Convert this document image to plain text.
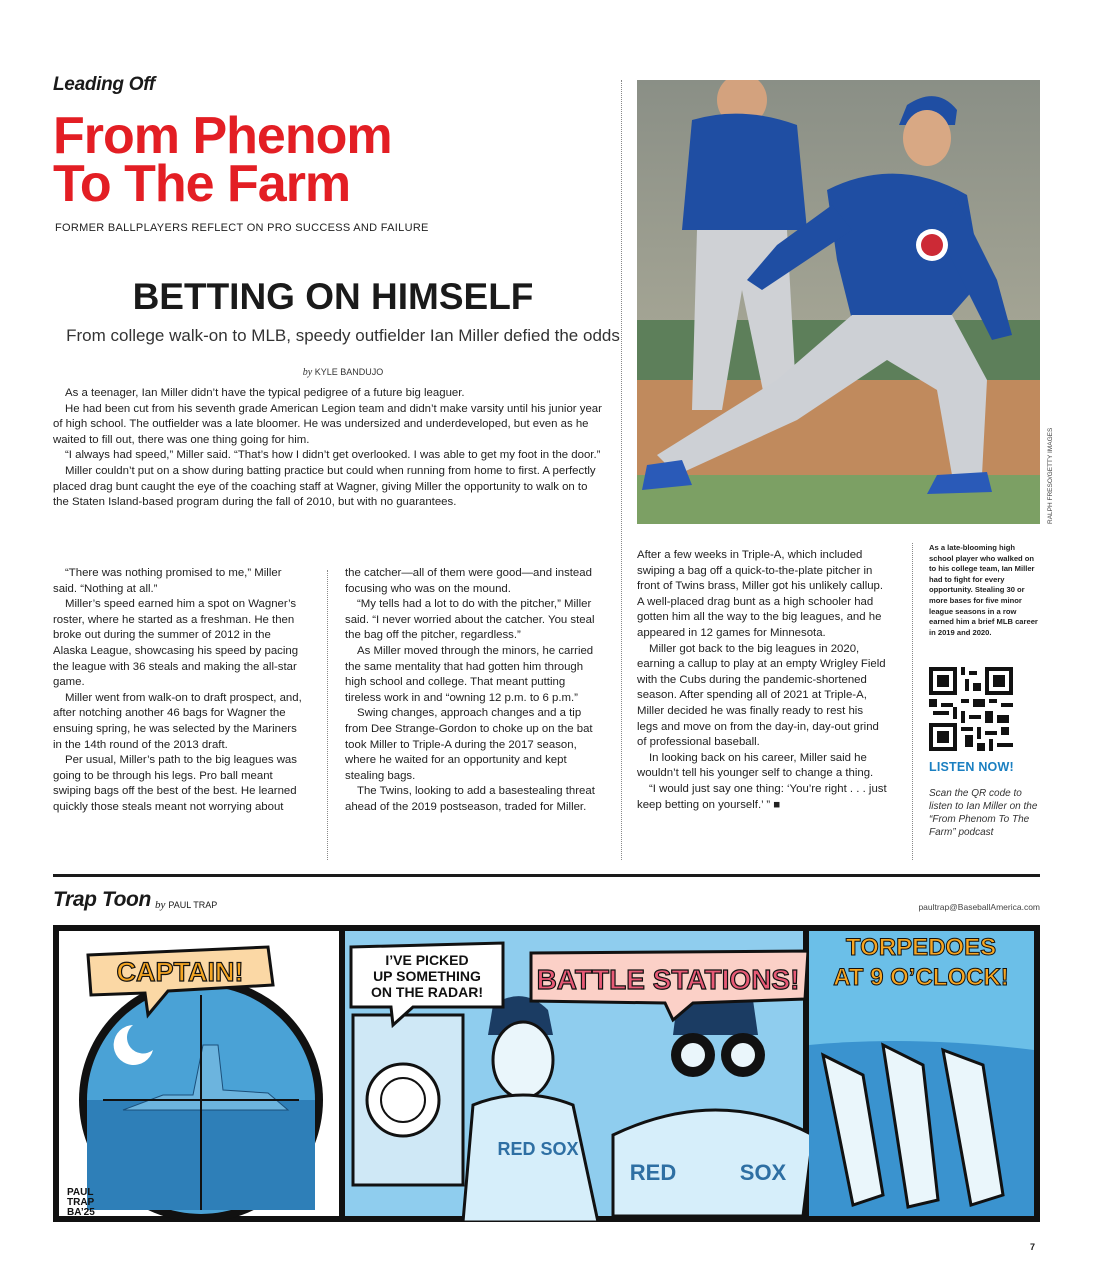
Leading Off
From Phenom
To The Farm
FORMER BALLPLAYERS REFLECT ON PRO SUCCESS AND FAILURE
BETTING ON HIMSELF
From college walk-on to MLB, speedy outfielder Ian Miller defied the odds
by KYLE BANDUJO

As a teenager, Ian Miller didn’t have the typical pedigree of a future big leaguer.

He had been cut from his seventh grade American Legion team and didn’t make varsity until his junior year of high school. The outfielder was a late bloomer. He was undersized and underdeveloped, but even as he waited to fill out, there was one thing going for him.

“I always had speed,” Miller said. “That’s how I didn’t get overlooked. I was able to get my foot in the door.”

Miller couldn’t put on a show during batting practice but could when running from home to first. A perfectly placed drag bunt caught the eye of the coaching staff at Wagner, giving Miller the opportunity to walk on to the Staten Island-based program during the fall of 2010, but with no guarantees.

“There was nothing promised to me,” Miller said. “Nothing at all.”

Miller’s speed earned him a spot on Wagner’s roster, where he started as a freshman. He then broke out during the summer of 2012 in the Alaska League, showcasing his speed by pacing the league with 36 steals and making the all-star game.

Miller went from walk-on to draft prospect, and, after notching another 46 bags for Wagner the ensuing spring, he was selected by the Mariners in the 14th round of the 2013 draft.

Per usual, Miller’s path to the big leagues was going to be through his legs. Pro ball meant swiping bags off the best of the best. He learned quickly those steals meant not worrying about

the catcher—all of them were good—and instead focusing who was on the mound.

“My tells had a lot to do with the pitcher,” Miller said. “I never worried about the catcher. You steal the bag off the pitcher, regardless.”

As Miller moved through the minors, he carried the same mentality that had gotten him through high school and college. That meant putting tireless work in and “owning 12 p.m. to 6 p.m.”

Swing changes, approach changes and a tip from Dee Strange-Gordon to choke up on the bat took Miller to Triple-A during the 2017 season, where he waited for an opportunity and kept stealing bags.

The Twins, looking to add a basestealing threat ahead of the 2019 postseason, traded for Miller.

After a few weeks in Triple-A, which included swiping a bag off a quick-to-the-plate pitcher in front of Twins brass, Miller got his unlikely callup. A well-placed drag bunt as a high schooler had gotten him all the way to the big leagues, and he appeared in 12 games for Minnesota.

Miller got back to the big leagues in 2020, earning a callup to play at an empty Wrigley Field with the Cubs during the pandemic-shortened season. After spending all of 2021 at Triple-A, Miller decided he was finally ready to rest his legs and move on from the day-in, day-out grind of professional baseball.

In looking back on his career, Miller said he wouldn’t tell his younger self to change a thing.

“I would just say one thing: ‘You’re right . . . just keep betting on yourself.’ ” ■

RALPH FRESO/GETTY IMAGES
As a late-blooming high school player who walked on to his college team, Ian Miller had to fight for every opportunity. Stealing 30 or more bases for five minor league seasons in a row earned him a brief MLB career in 2019 and 2020.
LISTEN NOW!
Scan the QR code to listen to Ian Miller on the “From Phenom To The Farm” podcast
Trap Toon by PAUL TRAP	paultrap@BaseballAmerica.com
CAPTAIN!
PAUL TRAP BA’25
RED SOX
I’VE PICKED
UP SOMETHING
ON THE RADAR!
RED	SOX
BATTLE STATIONS!
TORPEDOES
AT 9 O’CLOCK!
7
